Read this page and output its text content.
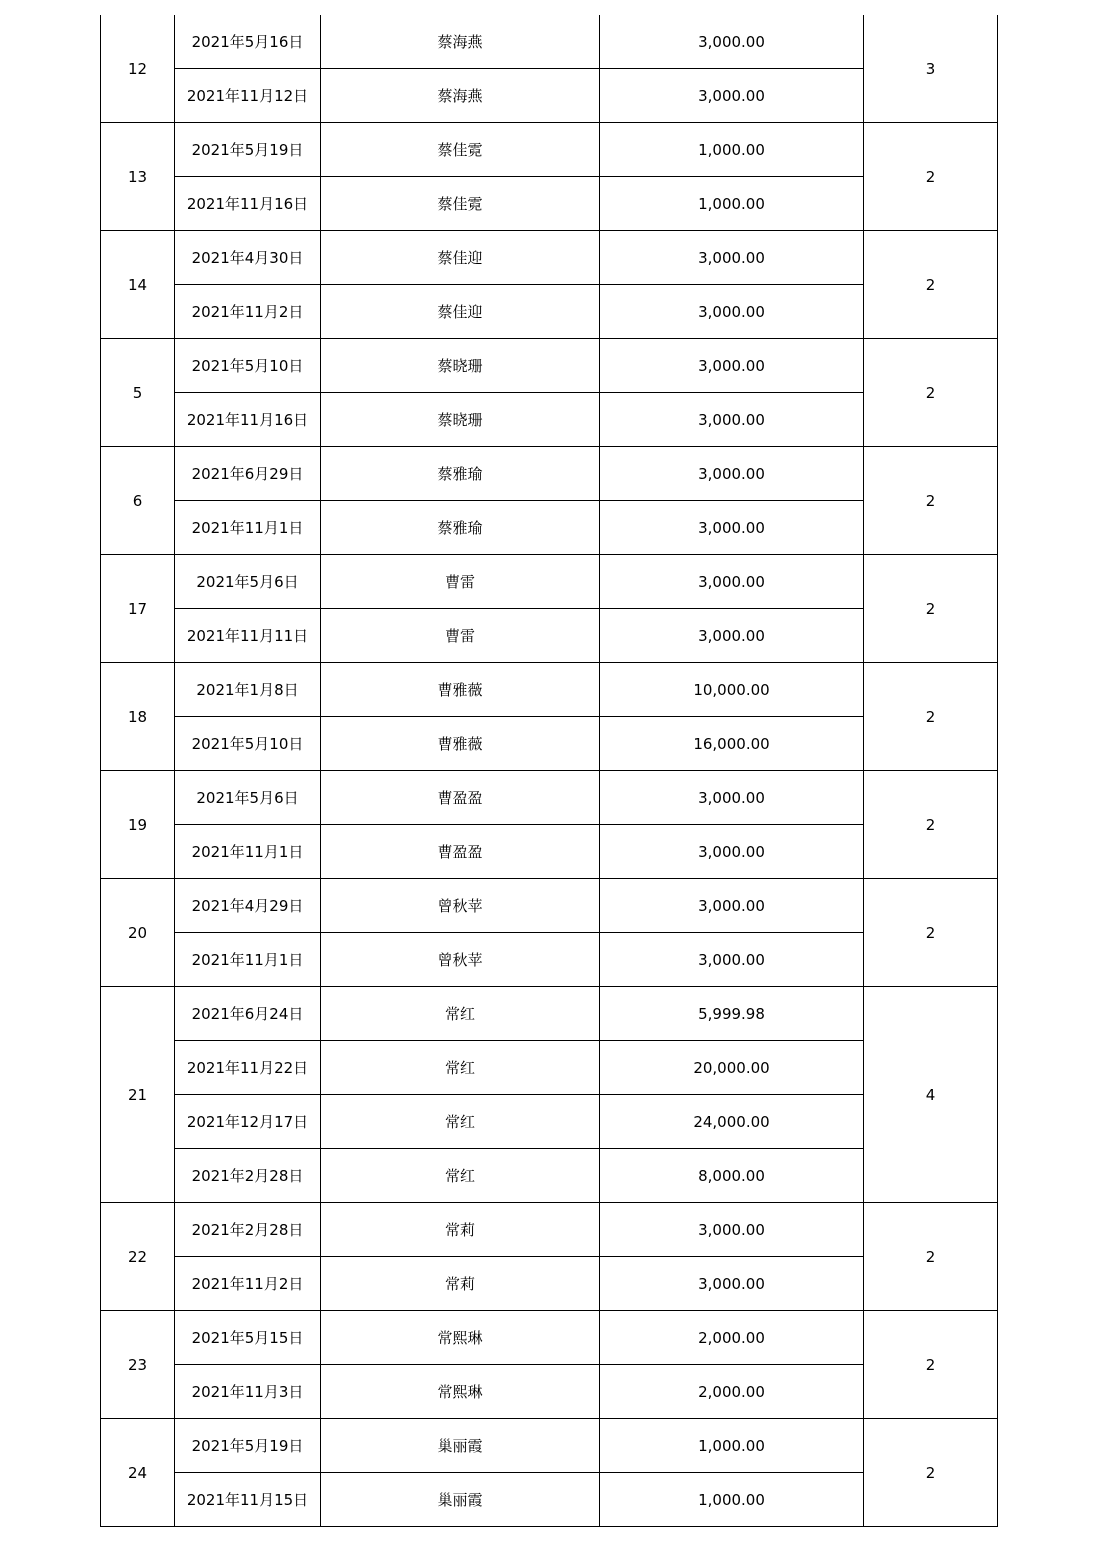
12	2021年5月16日	蔡海燕	3,000.00	3
	2021年11月12日	蔡海燕	3,000.00	
13	2021年5月19日	蔡佳霓	1,000.00	2
	2021年11月16日	蔡佳霓	1,000.00	
14	2021年4月30日	蔡佳迎	3,000.00	2
	2021年11月2日	蔡佳迎	3,000.00	
5	2021年5月10日	蔡晓珊	3,000.00	2
	2021年11月16日	蔡晓珊	3,000.00	
6	2021年6月29日	蔡雅瑜	3,000.00	2
	2021年11月1日	蔡雅瑜	3,000.00	
17	2021年5月6日	曹雷	3,000.00	2
	2021年11月11日	曹雷	3,000.00	
18	2021年1月8日	曹雅薇	10,000.00	2
	2021年5月10日	曹雅薇	16,000.00	
19	2021年5月6日	曹盈盈	3,000.00	2
	2021年11月1日	曹盈盈	3,000.00	
20	2021年4月29日	曾秋苹	3,000.00	2
	2021年11月1日	曾秋苹	3,000.00	
21	2021年6月24日	常红	5,999.98	4
	2021年11月22日	常红	20,000.00	
	2021年12月17日	常红	24,000.00	
	2021年2月28日	常红	8,000.00	
22	2021年2月28日	常莉	3,000.00	2
	2021年11月2日	常莉	3,000.00	
23	2021年5月15日	常熙琳	2,000.00	2
	2021年11月3日	常熙琳	2,000.00	
24	2021年5月19日	巢丽霞	1,000.00	2
	2021年11月15日	巢丽霞	1,000.00	
